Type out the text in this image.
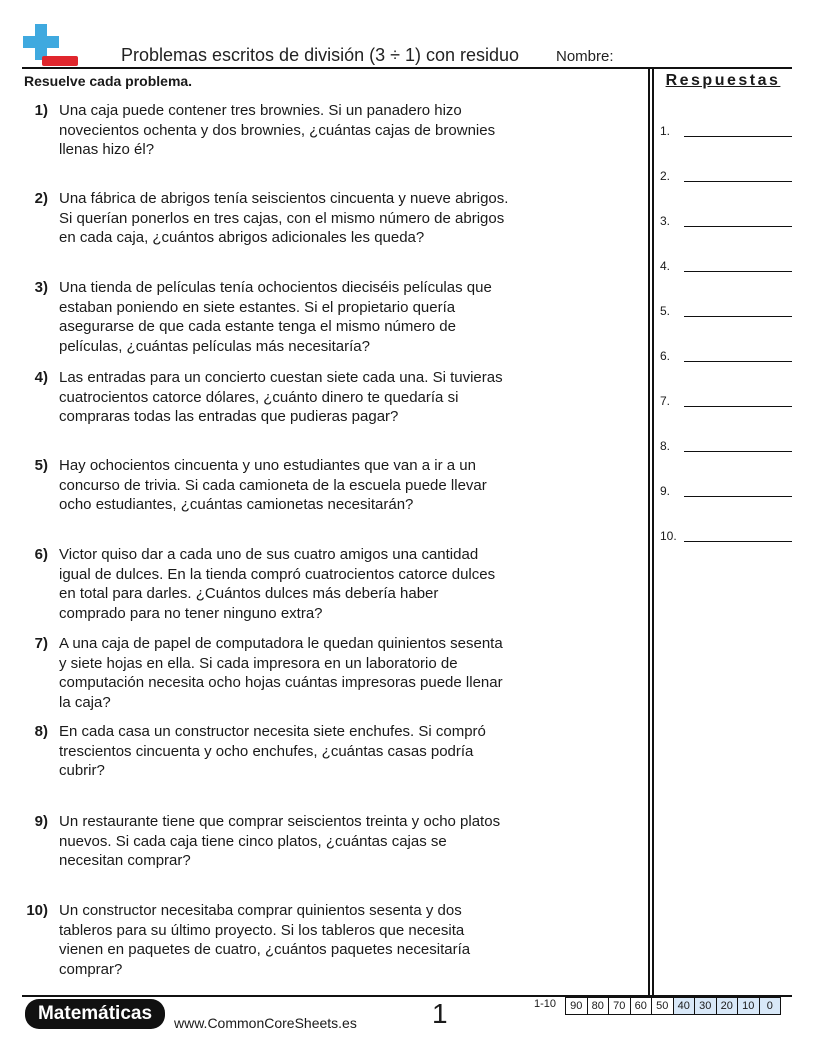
Problemas escritos de división (3 ÷ 1) con residuo Nombre:
Resuelve cada problema.	Respuestas
1.
2.
3.
4.
5.
6.
7.
8.
9.
10.
1) Una caja puede contener tres brownies. Si un panadero hizo novecientos ochenta y dos brownies, ¿cuántas cajas de brownies llenas hizo él?
2) Una fábrica de abrigos tenía seiscientos cincuenta y nueve abrigos. Si querían ponerlos en tres cajas, con el mismo número de abrigos en cada caja, ¿cuántos abrigos adicionales les queda?
3) Una tienda de películas tenía ochocientos dieciséis películas que estaban poniendo en siete estantes. Si el propietario quería asegurarse de que cada estante tenga el mismo número de películas, ¿cuántas películas más necesitaría?
4) Las entradas para un concierto cuestan siete cada una. Si tuvieras cuatrocientos catorce dólares, ¿cuánto dinero te quedaría si compraras todas las entradas que pudieras pagar?
5) Hay ochocientos cincuenta y uno estudiantes que van a ir a un concurso de trivia. Si cada camioneta de la escuela puede llevar ocho estudiantes, ¿cuántas camionetas necesitarán?
6) Victor quiso dar a cada uno de sus cuatro amigos una cantidad igual de dulces. En la tienda compró cuatrocientos catorce dulces en total para darles. ¿Cuántos dulces más debería haber comprado para no tener ninguno extra?
7) A una caja de papel de computadora le quedan quinientos sesenta y siete hojas en ella. Si cada impresora en un laboratorio de computación necesita ocho hojas cuántas impresoras puede llenar la caja?
8) En cada casa un constructor necesita siete enchufes. Si compró trescientos cincuenta y ocho enchufes, ¿cuántas casas podría cubrir?
9) Un restaurante tiene que comprar seiscientos treinta y ocho platos nuevos. Si cada caja tiene cinco platos, ¿cuántas cajas se necesitan comprar?
10) Un constructor necesitaba comprar quinientos sesenta y dos tableros para su último proyecto. Si los tableros que necesita vienen en paquetes de cuatro, ¿cuántos paquetes necesitaría comprar?
Matemáticas	www.CommonCoreSheets.es	1	1-10	90 80 70 60 50 40 30 20 10	0
